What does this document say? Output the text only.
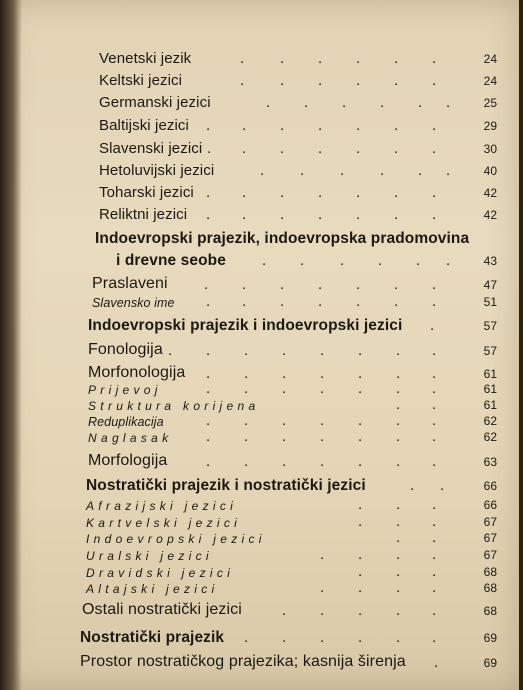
Venetski jezik	. . . . . .	24
Keltski jezici	. . . . . .	24
Germanski jezici	. . . . . .	25
Baltijski jezici . . . . . . .	29
Slavenski jezici . . . . . . .	30
Hetoluvijski jezici	. . . . . .	40
Toharski jezici . . . . . . .	42
Reliktni jezici . . . . . . .	42
Indoevropski prajezik, indoevropska pradomovina
i drevne seobe . . . . . .	43
Praslaveni . . . . . . .	47
Slavensko ime . . . . . . .	51
Indoevropski prajezik i indoevropski jezici .	57
Fonologija . . . . . . . .	57
Morfonologija . . . . . . .	61
Prijevoj	. . . . . . .	61
Struktura korijena	. .	61
Reduplikacija	. . . . . . .	62
Naglasak . . . . . . .	62
Morfologija	. . . . . . .	63
Nostratički prajezik i nostratički jezici	. .	66
Afrazijski jezici	. . .	66
Kartvelski jezici	. . .	67
Indoevropski jezici	. .	67
Uralski jezici	. . . .	67
Dravidski jezici	. . .	68
Altajski jezici	. . . .	68
Ostali nostratički jezici	. . . . .	68
Nostratički prajezik . . . . . .	69
Prostor nostratičkog prajezika; kasnija širenja .	69
